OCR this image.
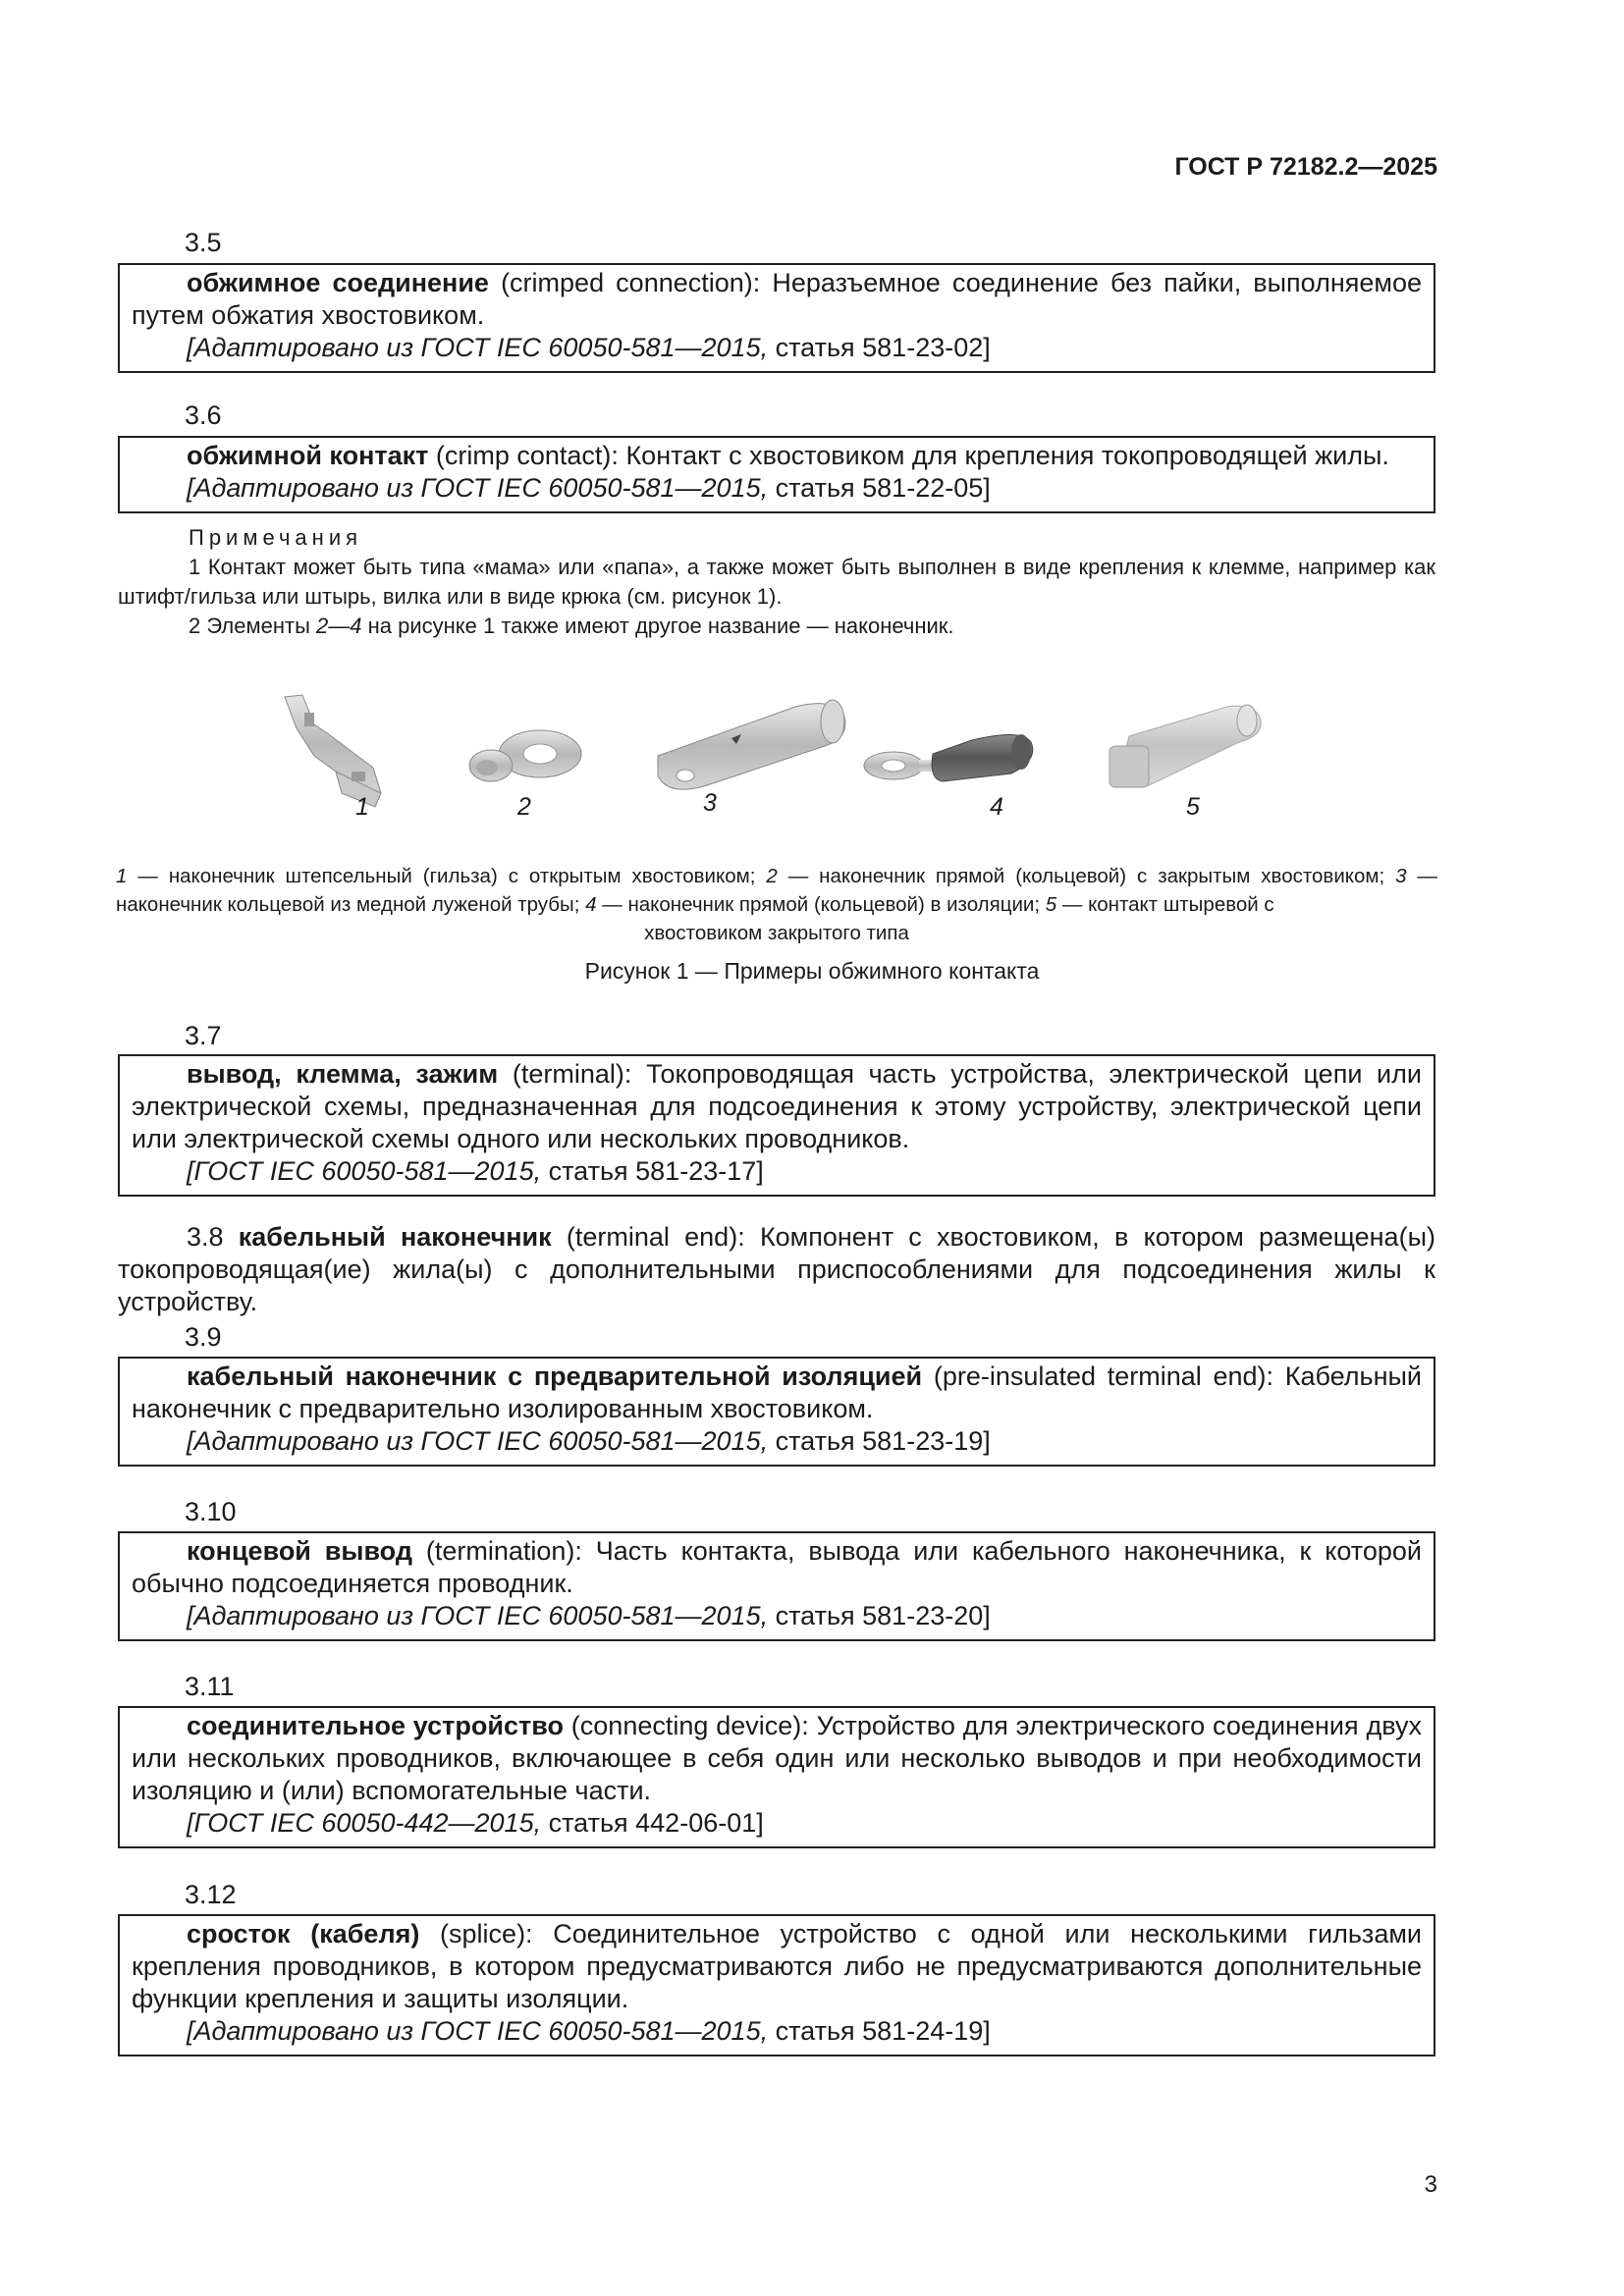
ГОСТ Р 72182.2—2025
3.5

обжимное соединение (crimped connection): Неразъемное соединение без пайки, выполняемое путем обжатия хвостовиком.

[Адаптировано из ГОСТ IEC 60050-581—2015, статья 581-23-02]

3.6

обжимной контакт (crimp contact): Контакт с хвостовиком для крепления токопроводящей жилы.

[Адаптировано из ГОСТ IEC 60050-581—2015, статья 581-22-05]

Примечания

1 Контакт может быть типа «мама» или «папа», а также может быть выполнен в виде крепления к клемме, например как штифт/гильза или штырь, вилка или в виде крюка (см. рисунок 1).

2 Элементы 2—4 на рисунке 1 также имеют другое название — наконечник.

1	2	3	4	5
1 — наконечник штепсельный (гильза) с открытым хвостовиком; 2 — наконечник прямой (кольцевой) с закрытым хвостовиком; 3 — наконечник кольцевой из медной луженой трубы; 4 — наконечник прямой (кольцевой) в изоляции; 5 — контакт штыревой с
хвостовиком закрытого типа
Рисунок 1 — Примеры обжимного контакта
3.7

вывод, клемма, зажим (terminal): Токопроводящая часть устройства, электрической цепи или электрической схемы, предназначенная для подсоединения к этому устройству, электрической цепи или электрической схемы одного или нескольких проводников.

[ГОСТ IEC 60050-581—2015, статья 581-23-17]

3.8 кабельный наконечник (terminal end): Компонент с хвостовиком, в котором размещена(ы) токопроводящая(ие) жила(ы) с дополнительными приспособлениями для подсоединения жилы к устройству.
3.9

кабельный наконечник с предварительной изоляцией (pre-insulated terminal end): Кабельный наконечник с предварительно изолированным хвостовиком.

[Адаптировано из ГОСТ IEC 60050-581—2015, статья 581-23-19]

3.10

концевой вывод (termination): Часть контакта, вывода или кабельного наконечника, к которой обычно подсоединяется проводник.

[Адаптировано из ГОСТ IEC 60050-581—2015, статья 581-23-20]

3.11

соединительное устройство (connecting device): Устройство для электрического соединения двух или нескольких проводников, включающее в себя один или несколько выводов и при необходимости изоляцию и (или) вспомогательные части.

[ГОСТ IEC 60050-442—2015, статья 442-06-01]

3.12

сросток (кабеля) (splice): Соединительное устройство с одной или несколькими гильзами крепления проводников, в котором предусматриваются либо не предусматриваются дополнительные функции крепления и защиты изоляции.

[Адаптировано из ГОСТ IEC 60050-581—2015, статья 581-24-19]

3
